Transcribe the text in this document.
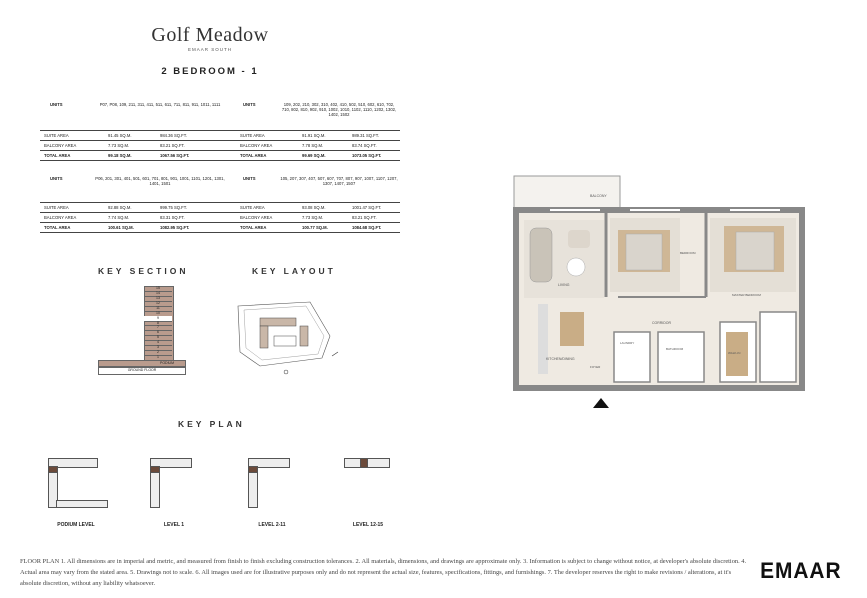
Golf Meadow
EMAAR SOUTH
2 BEDROOM - 1
UNITS	P07, P08, 109, 211, 311, 411, 511, 611, 711, 811, 911, 1011, 1111	UNITS	109, 202, 210, 302, 310, 402, 410, 502, 510, 602, 610, 702, 710, 802, 810, 902, 910, 1002, 1010, 1102, 1110, 1202, 1302, 1402, 1502
SUITE AREA	91.45 SQ.M.	984.36 SQ.FT.	SUITE AREA	91.91 SQ.M.	989.31 SQ.FT.
BALCONY AREA	7.73 SQ.M.	83.21 SQ.FT.	BALCONY AREA	7.78 SQ.M.	83.74 SQ.FT.
TOTAL AREA	99.18 SQ.M.	1067.56 SQ.FT.	TOTAL AREA	99.69 SQ.M.	1073.05 SQ.FT.
UNITS	P06, 201, 301, 401, 501, 601, 701, 801, 901, 1001, 1101, 1201, 1301, 1401, 1501
UNITS	105, 207, 307, 407, 507, 607, 707, 807, 907, 1007, 1107, 1207, 1307, 1407, 1507
SUITE AREA	92.88 SQ.M.	999.75 SQ.FT.	SUITE AREA	93.08 SQ.M.	1001.47 SQ.FT.
BALCONY AREA	7.74 SQ.M.	83.31 SQ.FT.	BALCONY AREA	7.73 SQ.M.	83.21 SQ.FT.
TOTAL AREA	100.61 SQ.M.	1082.95 SQ.FT.	TOTAL AREA	100.77 SQ.M.	1084.68 SQ.FT.
KEY SECTION
15
14
13
12
11
10
9
8
7
6
5
4
3
2
1
GROUND FLOOR
PODIUM
KEY LAYOUT
KEY PLAN
PODIUM LEVEL	LEVEL 1	LEVEL 2-11	LEVEL 12-15
BALCONY
LIVING
BEDROOM
MASTER BEDROOM
CORRIDOR
KITCHEN/DINING
LAUNDRY
BATHROOM
FOYER
WALK-IN
FLOOR PLAN 1. All dimensions are in imperial and metric, and measured from finish to finish excluding construction tolerances. 2. All materials, dimensions, and drawings are approximate only. 3. Information is subject to change without notice, at developer's absolute discretion. 4. Actual area may vary from the stated area. 5. Drawings not to scale. 6. All images used are for illustrative purposes only and do not represent the actual size, features, specifications, fittings, and furnishings. 7. The developer reserves the right to make revisions / alterations, at it's absolute discretion, without any liability whatsoever.
EMAAR
